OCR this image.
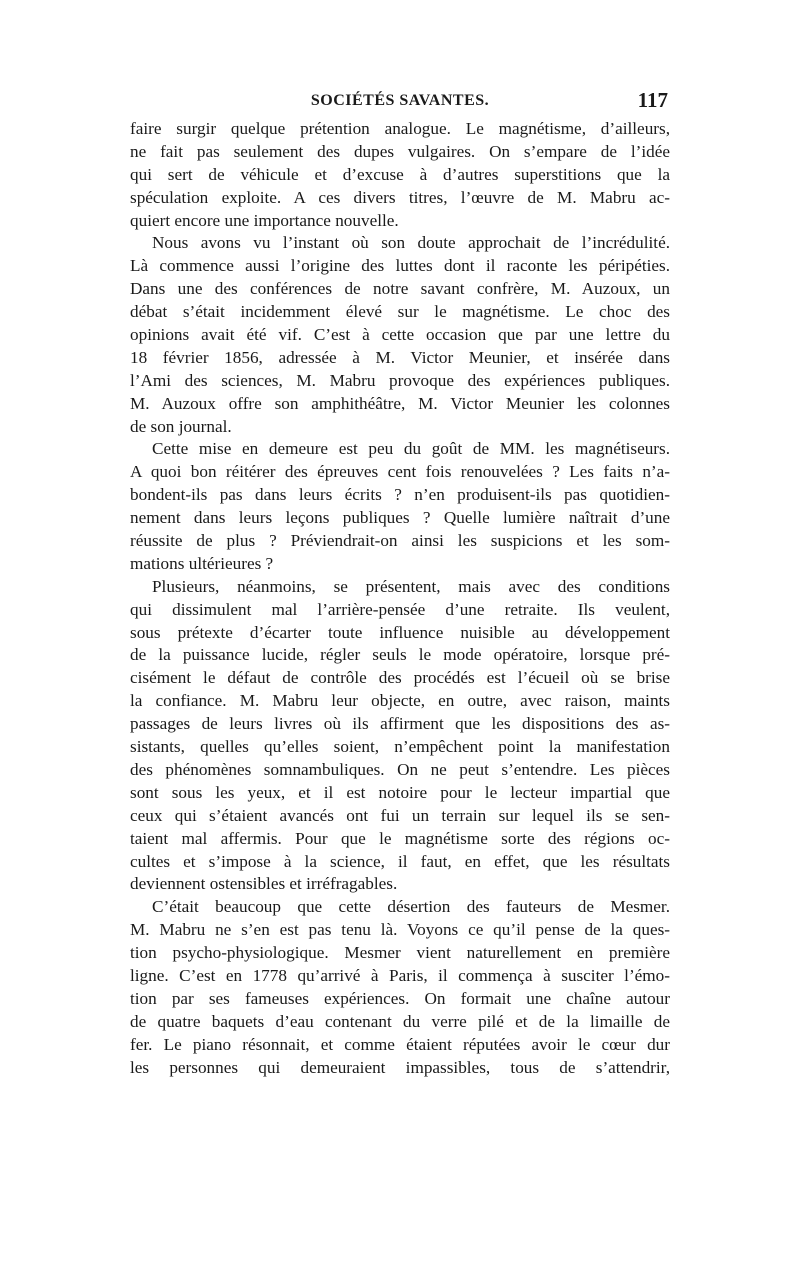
SOCIÉTÉS SAVANTES.	117
faire surgir quelque prétention analogue. Le magnétisme, d’ailleurs,
ne fait pas seulement des dupes vulgaires. On s’empare de l’idée
qui sert de véhicule et d’excuse à d’autres superstitions que la
spéculation exploite. A ces divers titres, l’œuvre de M. Mabru ac-
quiert encore une importance nouvelle.
Nous avons vu l’instant où son doute approchait de l’incrédulité.
Là commence aussi l’origine des luttes dont il raconte les péripéties.
Dans une des conférences de notre savant confrère, M. Auzoux, un
débat s’était incidemment élevé sur le magnétisme. Le choc des
opinions avait été vif. C’est à cette occasion que par une lettre du
18 février 1856, adressée à M. Victor Meunier, et insérée dans
l’Ami des sciences, M. Mabru provoque des expériences publiques.
M. Auzoux offre son amphithéâtre, M. Victor Meunier les colonnes
de son journal.
Cette mise en demeure est peu du goût de MM. les magnétiseurs.
A quoi bon réitérer des épreuves cent fois renouvelées ? Les faits n’a-
bondent-ils pas dans leurs écrits ? n’en produisent-ils pas quotidien-
nement dans leurs leçons publiques ? Quelle lumière naîtrait d’une
réussite de plus ? Préviendrait-on ainsi les suspicions et les som-
mations ultérieures ?
Plusieurs, néanmoins, se présentent, mais avec des conditions
qui dissimulent mal l’arrière-pensée d’une retraite. Ils veulent,
sous prétexte d’écarter toute influence nuisible au développement
de la puissance lucide, régler seuls le mode opératoire, lorsque pré-
cisément le défaut de contrôle des procédés est l’écueil où se brise
la confiance. M. Mabru leur objecte, en outre, avec raison, maints
passages de leurs livres où ils affirment que les dispositions des as-
sistants, quelles qu’elles soient, n’empêchent point la manifestation
des phénomènes somnambuliques. On ne peut s’entendre. Les pièces
sont sous les yeux, et il est notoire pour le lecteur impartial que
ceux qui s’étaient avancés ont fui un terrain sur lequel ils se sen-
taient mal affermis. Pour que le magnétisme sorte des régions oc-
cultes et s’impose à la science, il faut, en effet, que les résultats
deviennent ostensibles et irréfragables.
C’était beaucoup que cette désertion des fauteurs de Mesmer.
M. Mabru ne s’en est pas tenu là. Voyons ce qu’il pense de la ques-
tion psycho-physiologique. Mesmer vient naturellement en première
ligne. C’est en 1778 qu’arrivé à Paris, il commença à susciter l’émo-
tion par ses fameuses expériences. On formait une chaîne autour
de quatre baquets d’eau contenant du verre pilé et de la limaille de
fer. Le piano résonnait, et comme étaient réputées avoir le cœur dur
les personnes qui demeuraient impassibles, tous de s’attendrir,
